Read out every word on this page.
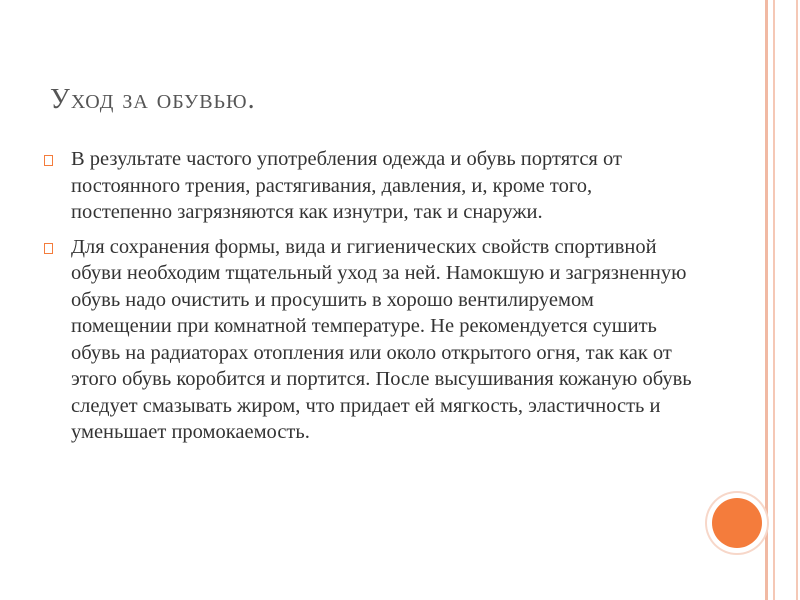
Уход за обувью.
В результате частого употребления одежда и обувь портятся от постоянного трения, растягивания, давления, и, кроме того, постепенно загрязняются как изнутри, так и снаружи.
Для сохранения формы, вида и гигиенических свойств спортивной обуви необходим тщательный уход за ней. Намокшую и загрязненную обувь надо очистить и просушить в хорошо вентилируемом помещении при комнатной температуре. Не рекомендуется сушить обувь на радиаторах отопления или около открытого огня, так как от этого обувь коробится и портится. После высушивания кожаную обувь следует смазывать жиром, что придает ей мягкость, эластичность и уменьшает промокаемость.
